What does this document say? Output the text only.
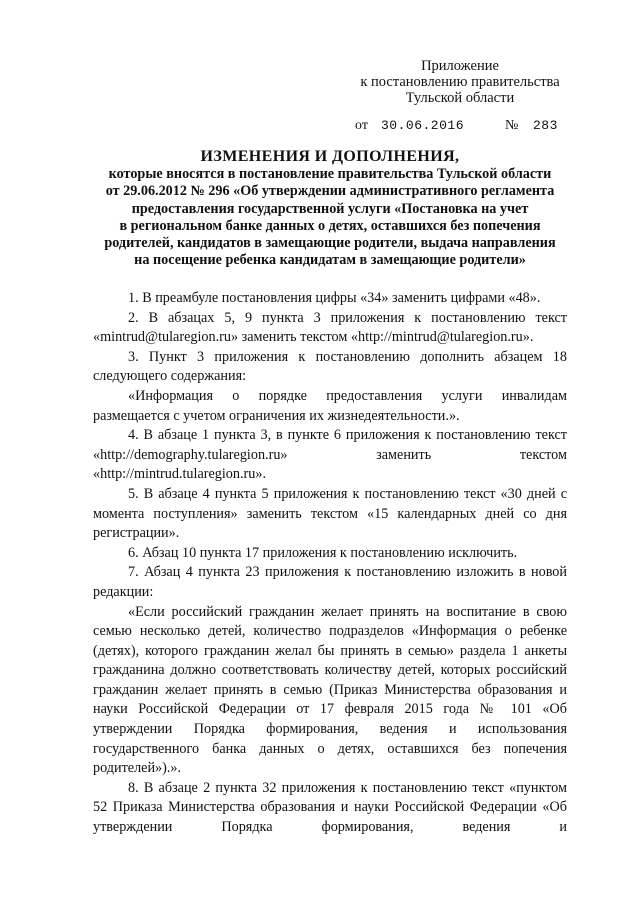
Приложение
к постановлению правительства
Тульской области
от 30.06.2016	№ 283
ИЗМЕНЕНИЯ И ДОПОЛНЕНИЯ,
которые вносятся в постановление правительства Тульской области
от 29.06.2012 № 296 «Об утверждении административного регламента
предоставления государственной услуги «Постановка на учет
в региональном банке данных о детях, оставшихся без попечения
родителей, кандидатов в замещающие родители, выдача направления
на посещение ребенка кандидатам в замещающие родители»

1. В преамбуле постановления цифры «34» заменить цифрами «48».

2. В абзацах 5, 9 пункта 3 приложения к постановлению текст «mintrud@tularegion.ru» заменить текстом «http://mintrud@tularegion.ru».

3. Пункт 3 приложения к постановлению дополнить абзацем 18 следующего содержания:

«Информация о порядке предоставления услуги инвалидам размещается с учетом ограничения их жизнедеятельности.».

4. В абзаце 1 пункта 3, в пункте 6 приложения к постановлению текст «http://demography.tularegion.ru» заменить текстом «http://mintrud.tularegion.ru».

5. В абзаце 4 пункта 5 приложения к постановлению текст «30 дней с момента поступления» заменить текстом «15 календарных дней со дня регистрации».

6. Абзац 10 пункта 17 приложения к постановлению исключить.

7. Абзац 4 пункта 23 приложения к постановлению изложить в новой редакции:

«Если российский гражданин желает принять на воспитание в свою семью несколько детей, количество подразделов «Информация о ребенке (детях), которого гражданин желал бы принять в семью» раздела 1 анкеты гражданина должно соответствовать количеству детей, которых российский гражданин желает принять в семью (Приказ Министерства образования и науки Российской Федерации от 17 февраля 2015 года № 101 «Об утверждении Порядка формирования, ведения и использования государственного банка данных о детях, оставшихся без попечения родителей»).».

8. В абзаце 2 пункта 32 приложения к постановлению текст «пунктом 52 Приказа Министерства образования и науки Российской Федерации «Об утверждении Порядка формирования, ведения и
